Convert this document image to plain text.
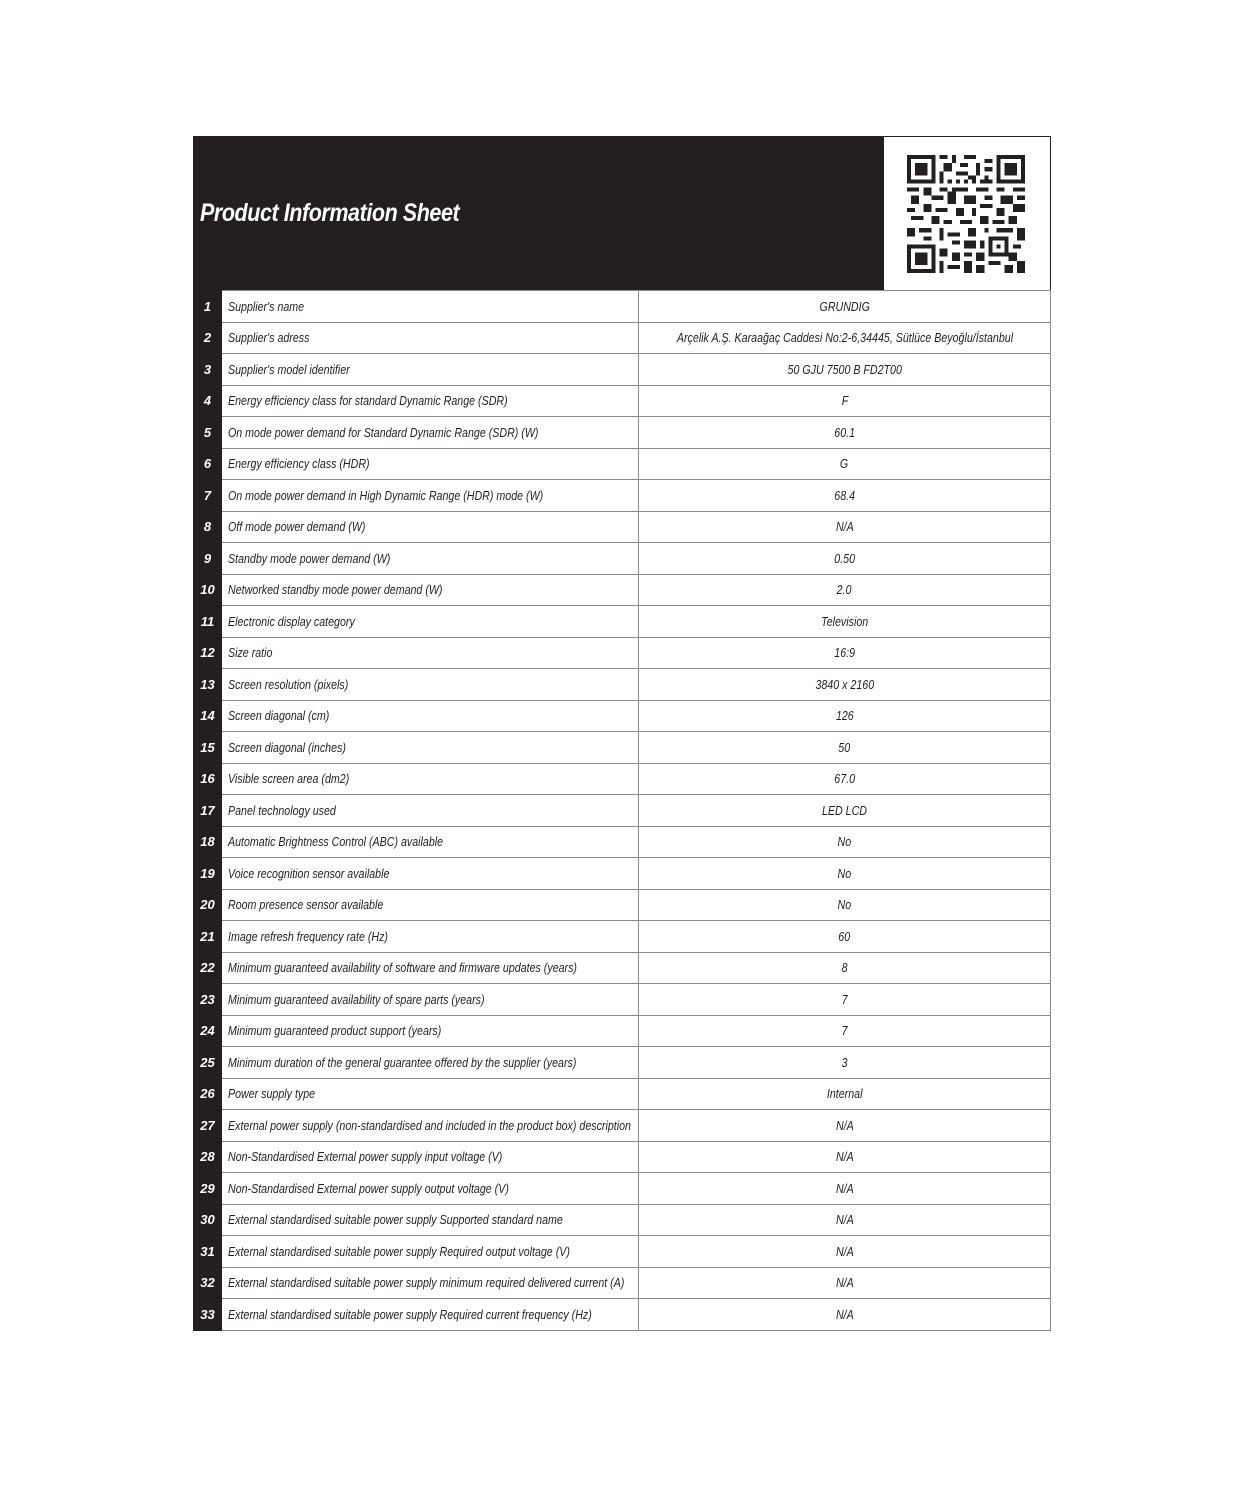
Product Information Sheet
1	Supplier's name	GRUNDIG
2	Supplier's adress	Arçelik A.Ş. Karaağaç Caddesi No:2-6,34445, Sütlüce Beyoğlu/İstanbul
3	Supplier's model identifier	50 GJU 7500 B FD2T00
4	Energy efficiency class for standard Dynamic Range (SDR)	F
5	On mode power demand for Standard Dynamic Range (SDR) (W)	60.1
6	Energy efficiency class (HDR)	G
7	On mode power demand in High Dynamic Range (HDR) mode (W)	68.4
8	Off mode power demand (W)	N/A
9	Standby mode power demand (W)	0.50
10	Networked standby mode power demand (W)	2.0
11	Electronic display category	Television
12	Size ratio	16:9
13	Screen resolution (pixels)	3840 x 2160
14	Screen diagonal (cm)	126
15	Screen diagonal (inches)	50
16	Visible screen area (dm2)	67.0
17	Panel technology used	LED LCD
18	Automatic Brightness Control (ABC) available	No
19	Voice recognition sensor available	No
20	Room presence sensor available	No
21	Image refresh frequency rate (Hz)	60
22	Minimum guaranteed availability of software and firmware updates (years)	8
23	Minimum guaranteed availability of spare parts (years)	7
24	Minimum guaranteed product support (years)	7
25	Minimum duration of the general guarantee offered by the supplier (years)	3
26	Power supply type	Internal
27	External power supply (non-standardised and included in the product box) description	N/A
28	Non-Standardised External power supply input voltage (V)	N/A
29	Non-Standardised External power supply output voltage (V)	N/A
30	External standardised suitable power supply Supported standard name	N/A
31	External standardised suitable power supply Required output voltage (V)	N/A
32	External standardised suitable power supply minimum required delivered current (A)	N/A
33	External standardised suitable power supply Required current frequency (Hz)	N/A
